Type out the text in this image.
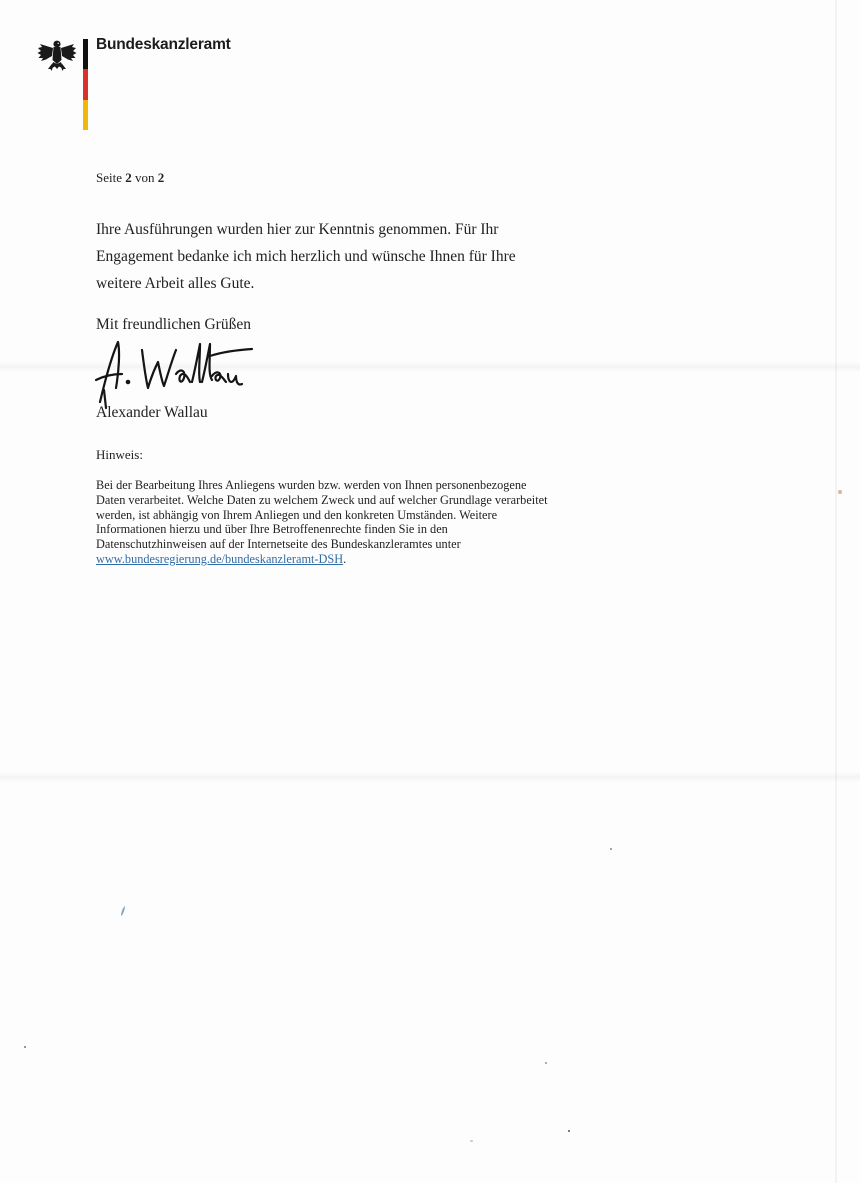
Bundeskanzleramt
Seite 2 von 2
Ihre Ausführungen wurden hier zur Kenntnis genommen. Für Ihr
Engagement bedanke ich mich herzlich und wünsche Ihnen für Ihre
weitere Arbeit alles Gute.
Mit freundlichen Grüßen
Alexander Wallau
Hinweis:
Bei der Bearbeitung Ihres Anliegens wurden bzw. werden von Ihnen personenbezogene
Daten verarbeitet. Welche Daten zu welchem Zweck und auf welcher Grundlage verarbeitet
werden, ist abhängig von Ihrem Anliegen und den konkreten Umständen. Weitere
Informationen hierzu und über Ihre Betroffenenrechte finden Sie in den
Datenschutzhinweisen auf der Internetseite des Bundeskanzleramtes unter
www.bundesregierung.de/bundeskanzleramt-DSH.
